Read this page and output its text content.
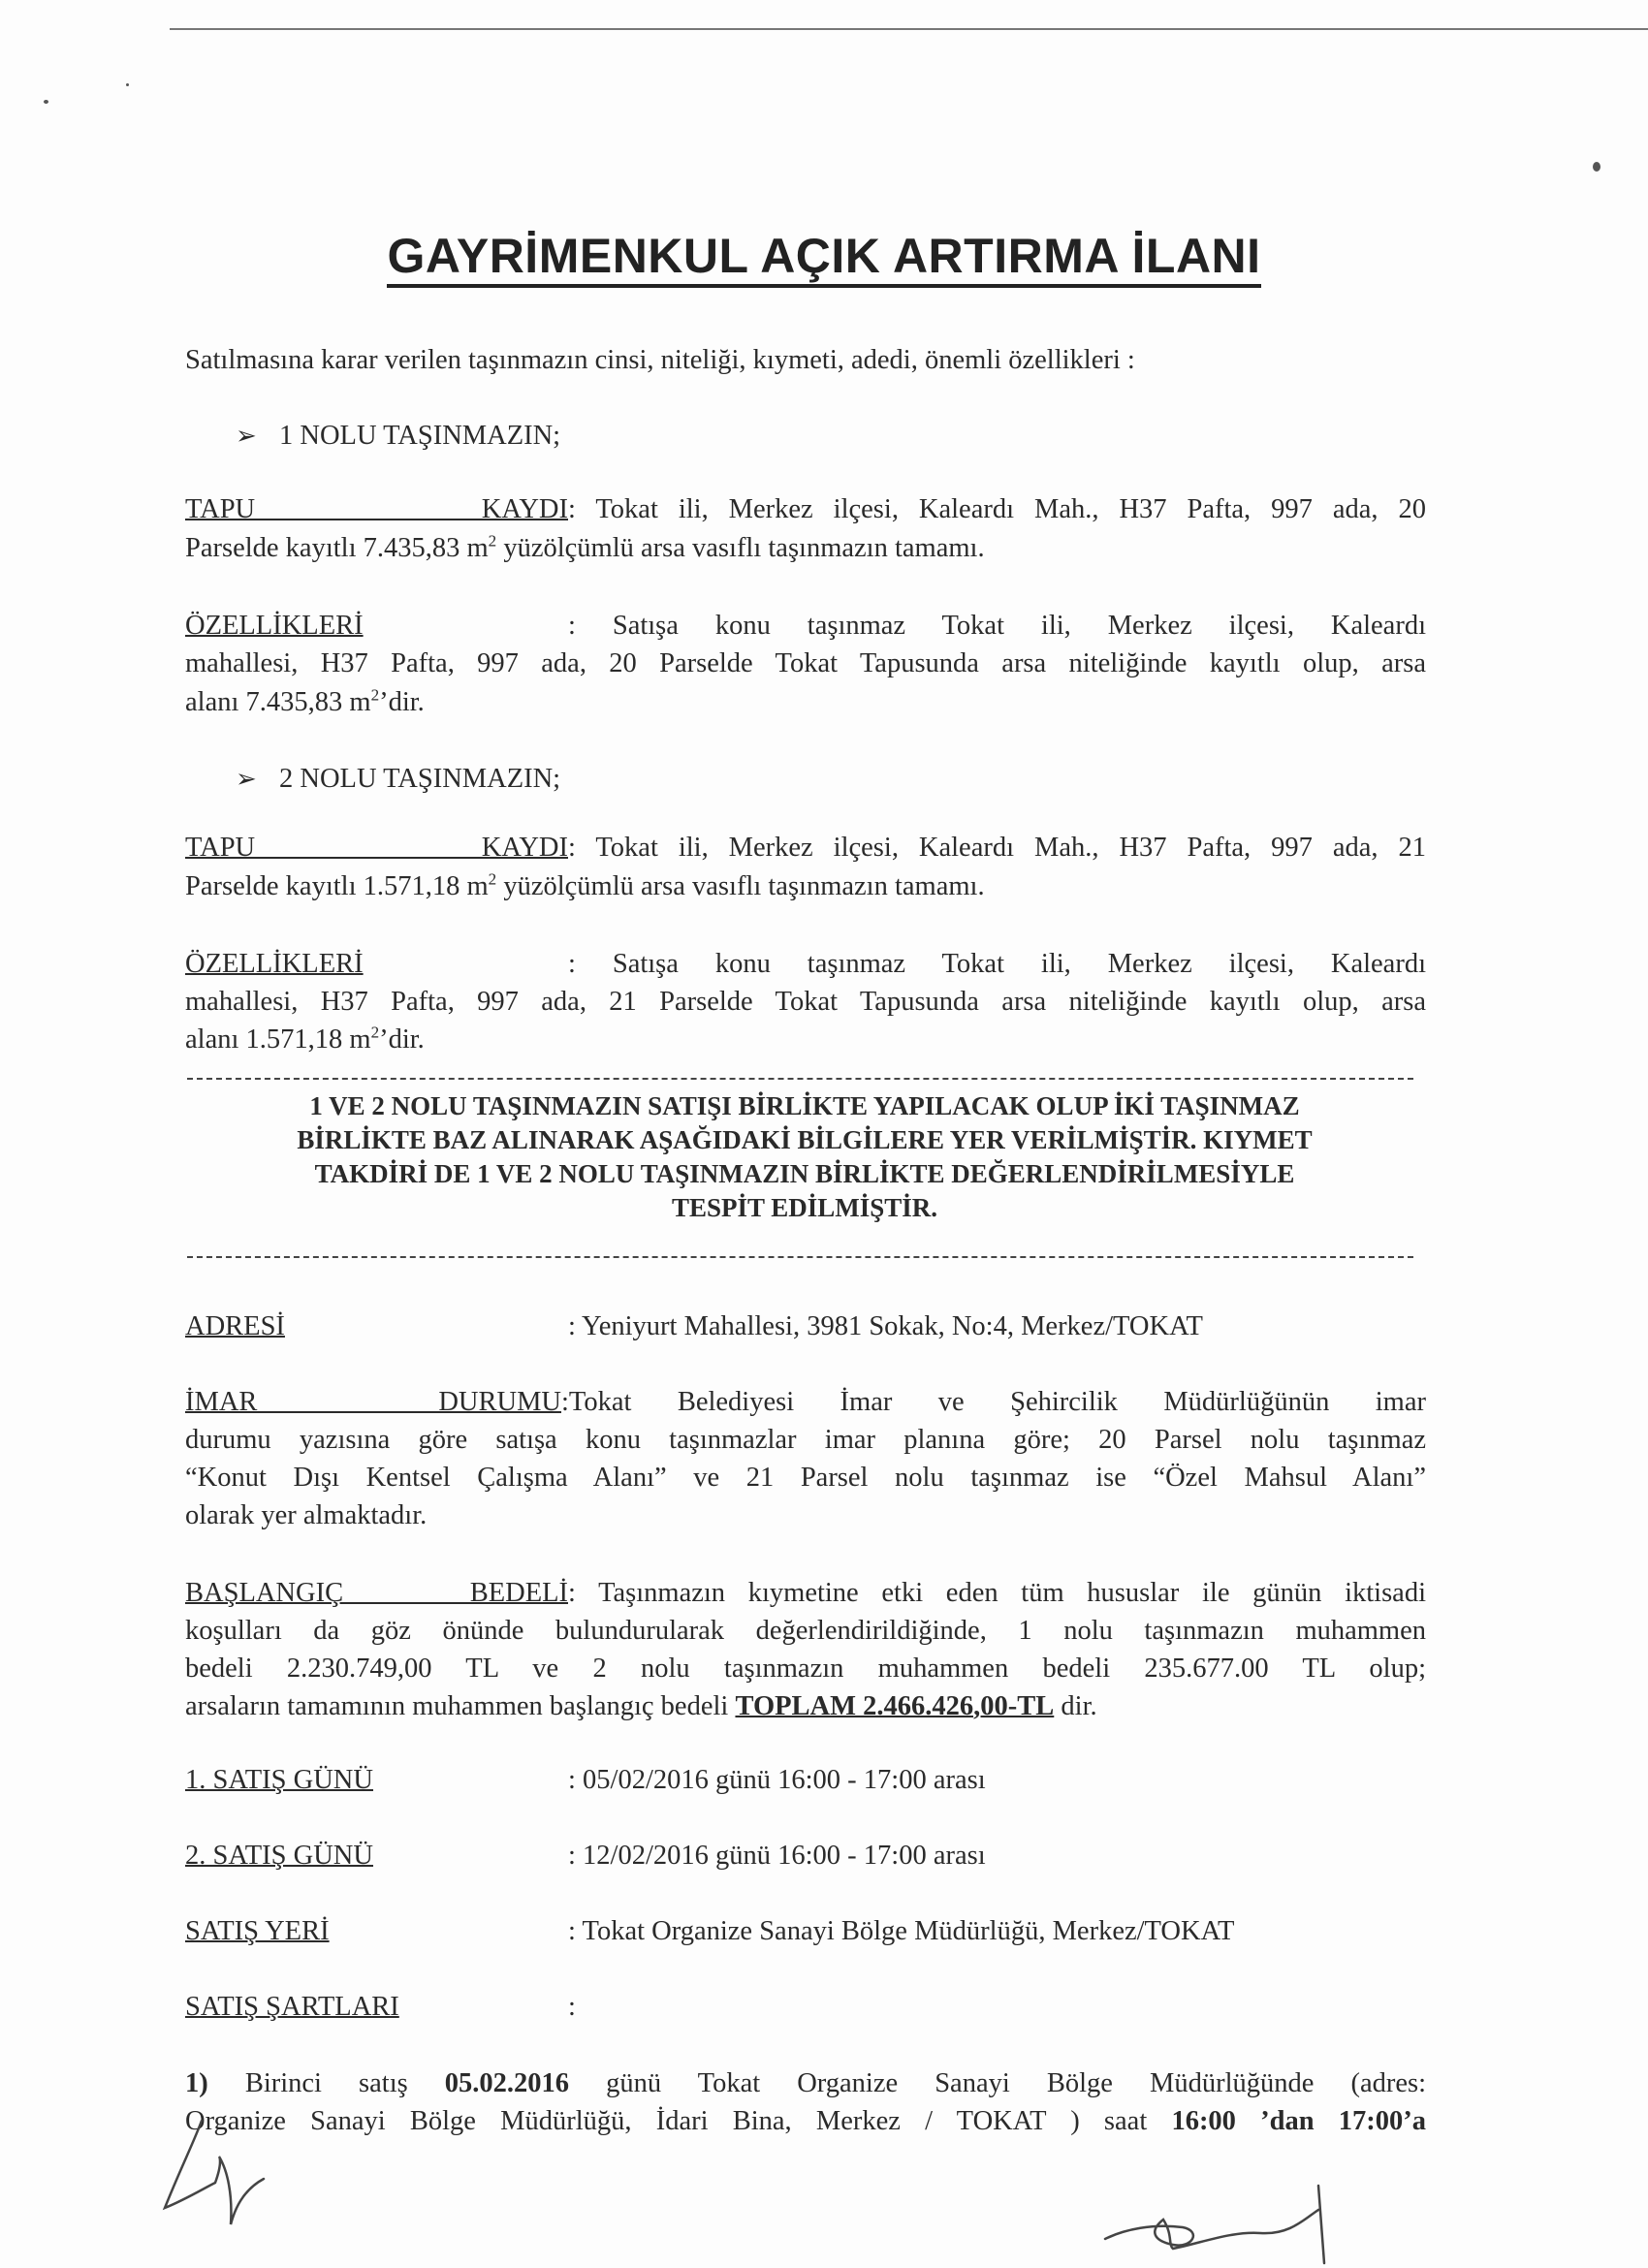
GAYRİMENKUL AÇIK ARTIRMA İLANI
Satılmasına karar verilen taşınmazın cinsi, niteliği, kıymeti, adedi, önemli özellikleri :
➢ 1 NOLU TAŞINMAZIN;
TAPU KAYDI: Tokat ili, Merkez ilçesi, Kaleardı Mah., H37 Pafta, 997 ada, 20
Parselde kayıtlı 7.435,83 $m^2$ yüzölçümlü arsa vasıflı taşınmazın tamamı.
ÖZELLİKLERİ	: Satışa konu taşınmaz Tokat ili, Merkez ilçesi, Kaleardı
mahallesi, H37 Pafta, 997 ada, 20 Parselde Tokat Tapusunda arsa niteliğinde kayıtlı olup, arsa
alanı 7.435,83 $m^2’dir$.
➢ 2 NOLU TAŞINMAZIN;
TAPU KAYDI: Tokat ili, Merkez ilçesi, Kaleardı Mah., H37 Pafta, 997 ada, 21
Parselde kayıtlı 1.571,18 $m^2$ yüzölçümlü arsa vasıflı taşınmazın tamamı.
ÖZELLİKLERİ	: Satışa konu taşınmaz Tokat ili, Merkez ilçesi, Kaleardı
mahallesi, H37 Pafta, 997 ada, 21 Parselde Tokat Tapusunda arsa niteliğinde kayıtlı olup, arsa
alanı 1.571,18 $m^2’dir$.
1 VE 2 NOLU TAŞINMAZIN SATIŞI BİRLİKTE YAPILACAK OLUP İKİ TAŞINMAZ
BİRLİKTE BAZ ALINARAK AŞAĞIDAKİ BİLGİLERE YER VERİLMİŞTİR. KIYMET
TAKDİRİ DE 1 VE 2 NOLU TAŞINMAZIN BİRLİKTE DEĞERLENDİRİLMESİYLE
TESPİT EDİLMİŞTİR.
ADRESİ	: Yeniyurt Mahallesi, 3981 Sokak, No:4, Merkez/TOKAT
İMAR DURUMU:Tokat Belediyesi İmar ve Şehircilik Müdürlüğünün imar
durumu yazısına göre satışa konu taşınmazlar imar planına göre; 20 Parsel nolu taşınmaz
“Konut Dışı Kentsel Çalışma Alanı” ve 21 Parsel nolu taşınmaz ise “Özel Mahsul Alanı”
olarak yer almaktadır.
BAŞLANGIÇ BEDELİ: Taşınmazın kıymetine etki eden tüm hususlar ile günün iktisadi
koşulları da göz önünde bulundurularak değerlendirildiğinde, 1 nolu taşınmazın muhammen
bedeli 2.230.749,00 TL ve 2 nolu taşınmazın muhammen bedeli 235.677.00 TL olup;
arsaların tamamının muhammen başlangıç bedeli TOPLAM 2.466.426,00-TL dir.
1. SATIŞ GÜNÜ	: 05/02/2016 günü 16:00 - 17:00 arası
2. SATIŞ GÜNÜ	: 12/02/2016 günü 16:00 - 17:00 arası
SATIŞ YERİ	: Tokat Organize Sanayi Bölge Müdürlüğü, Merkez/TOKAT
SATIŞ ŞARTLARI	:
1) Birinci satış 05.02.2016 günü Tokat Organize Sanayi Bölge Müdürlüğünde (adres:
Organize Sanayi Bölge Müdürlüğü, İdari Bina, Merkez / TOKAT ) saat 16:00 ’dan 17:00’a
